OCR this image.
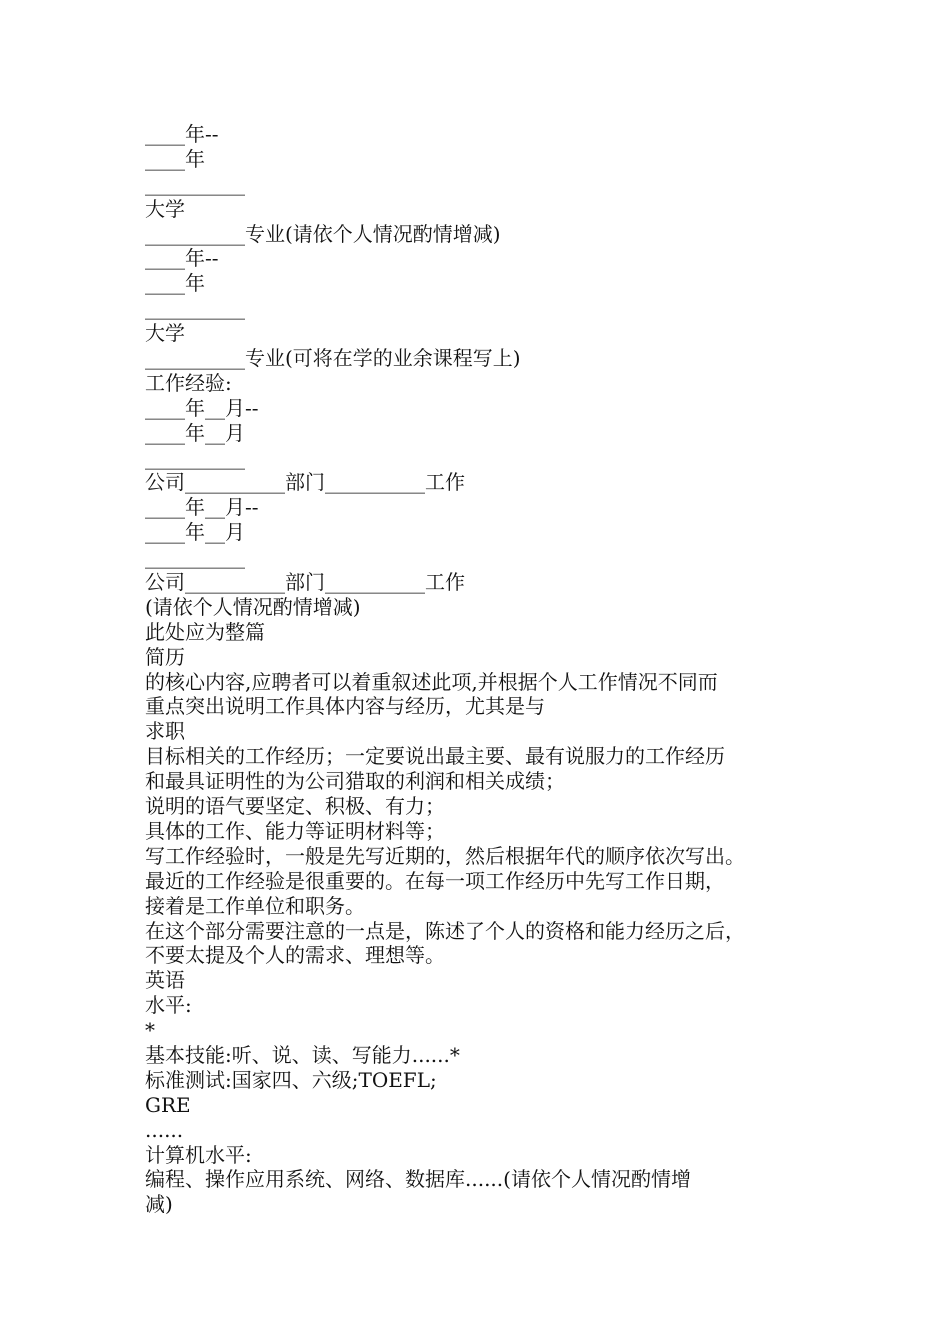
____年--
____年
__________
大学
__________专业(请依个人情况酌情增减)
____年--
____年
__________
大学
__________专业(可将在学的业余课程写上)
工作经验:
____年__月--
____年__月
__________
公司__________部门__________工作
____年__月--
____年__月
__________
公司__________部门__________工作
(请依个人情况酌情增减)
此处应为整篇
简历
的核心内容,应聘者可以着重叙述此项,并根据个人工作情况不同而
重点突出说明工作具体内容与经历，尤其是与
求职
目标相关的工作经历；一定要说出最主要、最有说服力的工作经历
和最具证明性的为公司猎取的利润和相关成绩；
说明的语气要坚定、积极、有力；
具体的工作、能力等证明材料等；
写工作经验时，一般是先写近期的，然后根据年代的顺序依次写出。
最近的工作经验是很重要的。在每一项工作经历中先写工作日期，
接着是工作单位和职务。
在这个部分需要注意的一点是，陈述了个人的资格和能力经历之后，
不要太提及个人的需求、理想等。
英语
水平:
*
基本技能:听、说、读、写能力......*
标准测试:国家四、六级;TOEFL;
GRE
......
计算机水平:
编程、操作应用系统、网络、数据库......(请依个人情况酌情增
减)
